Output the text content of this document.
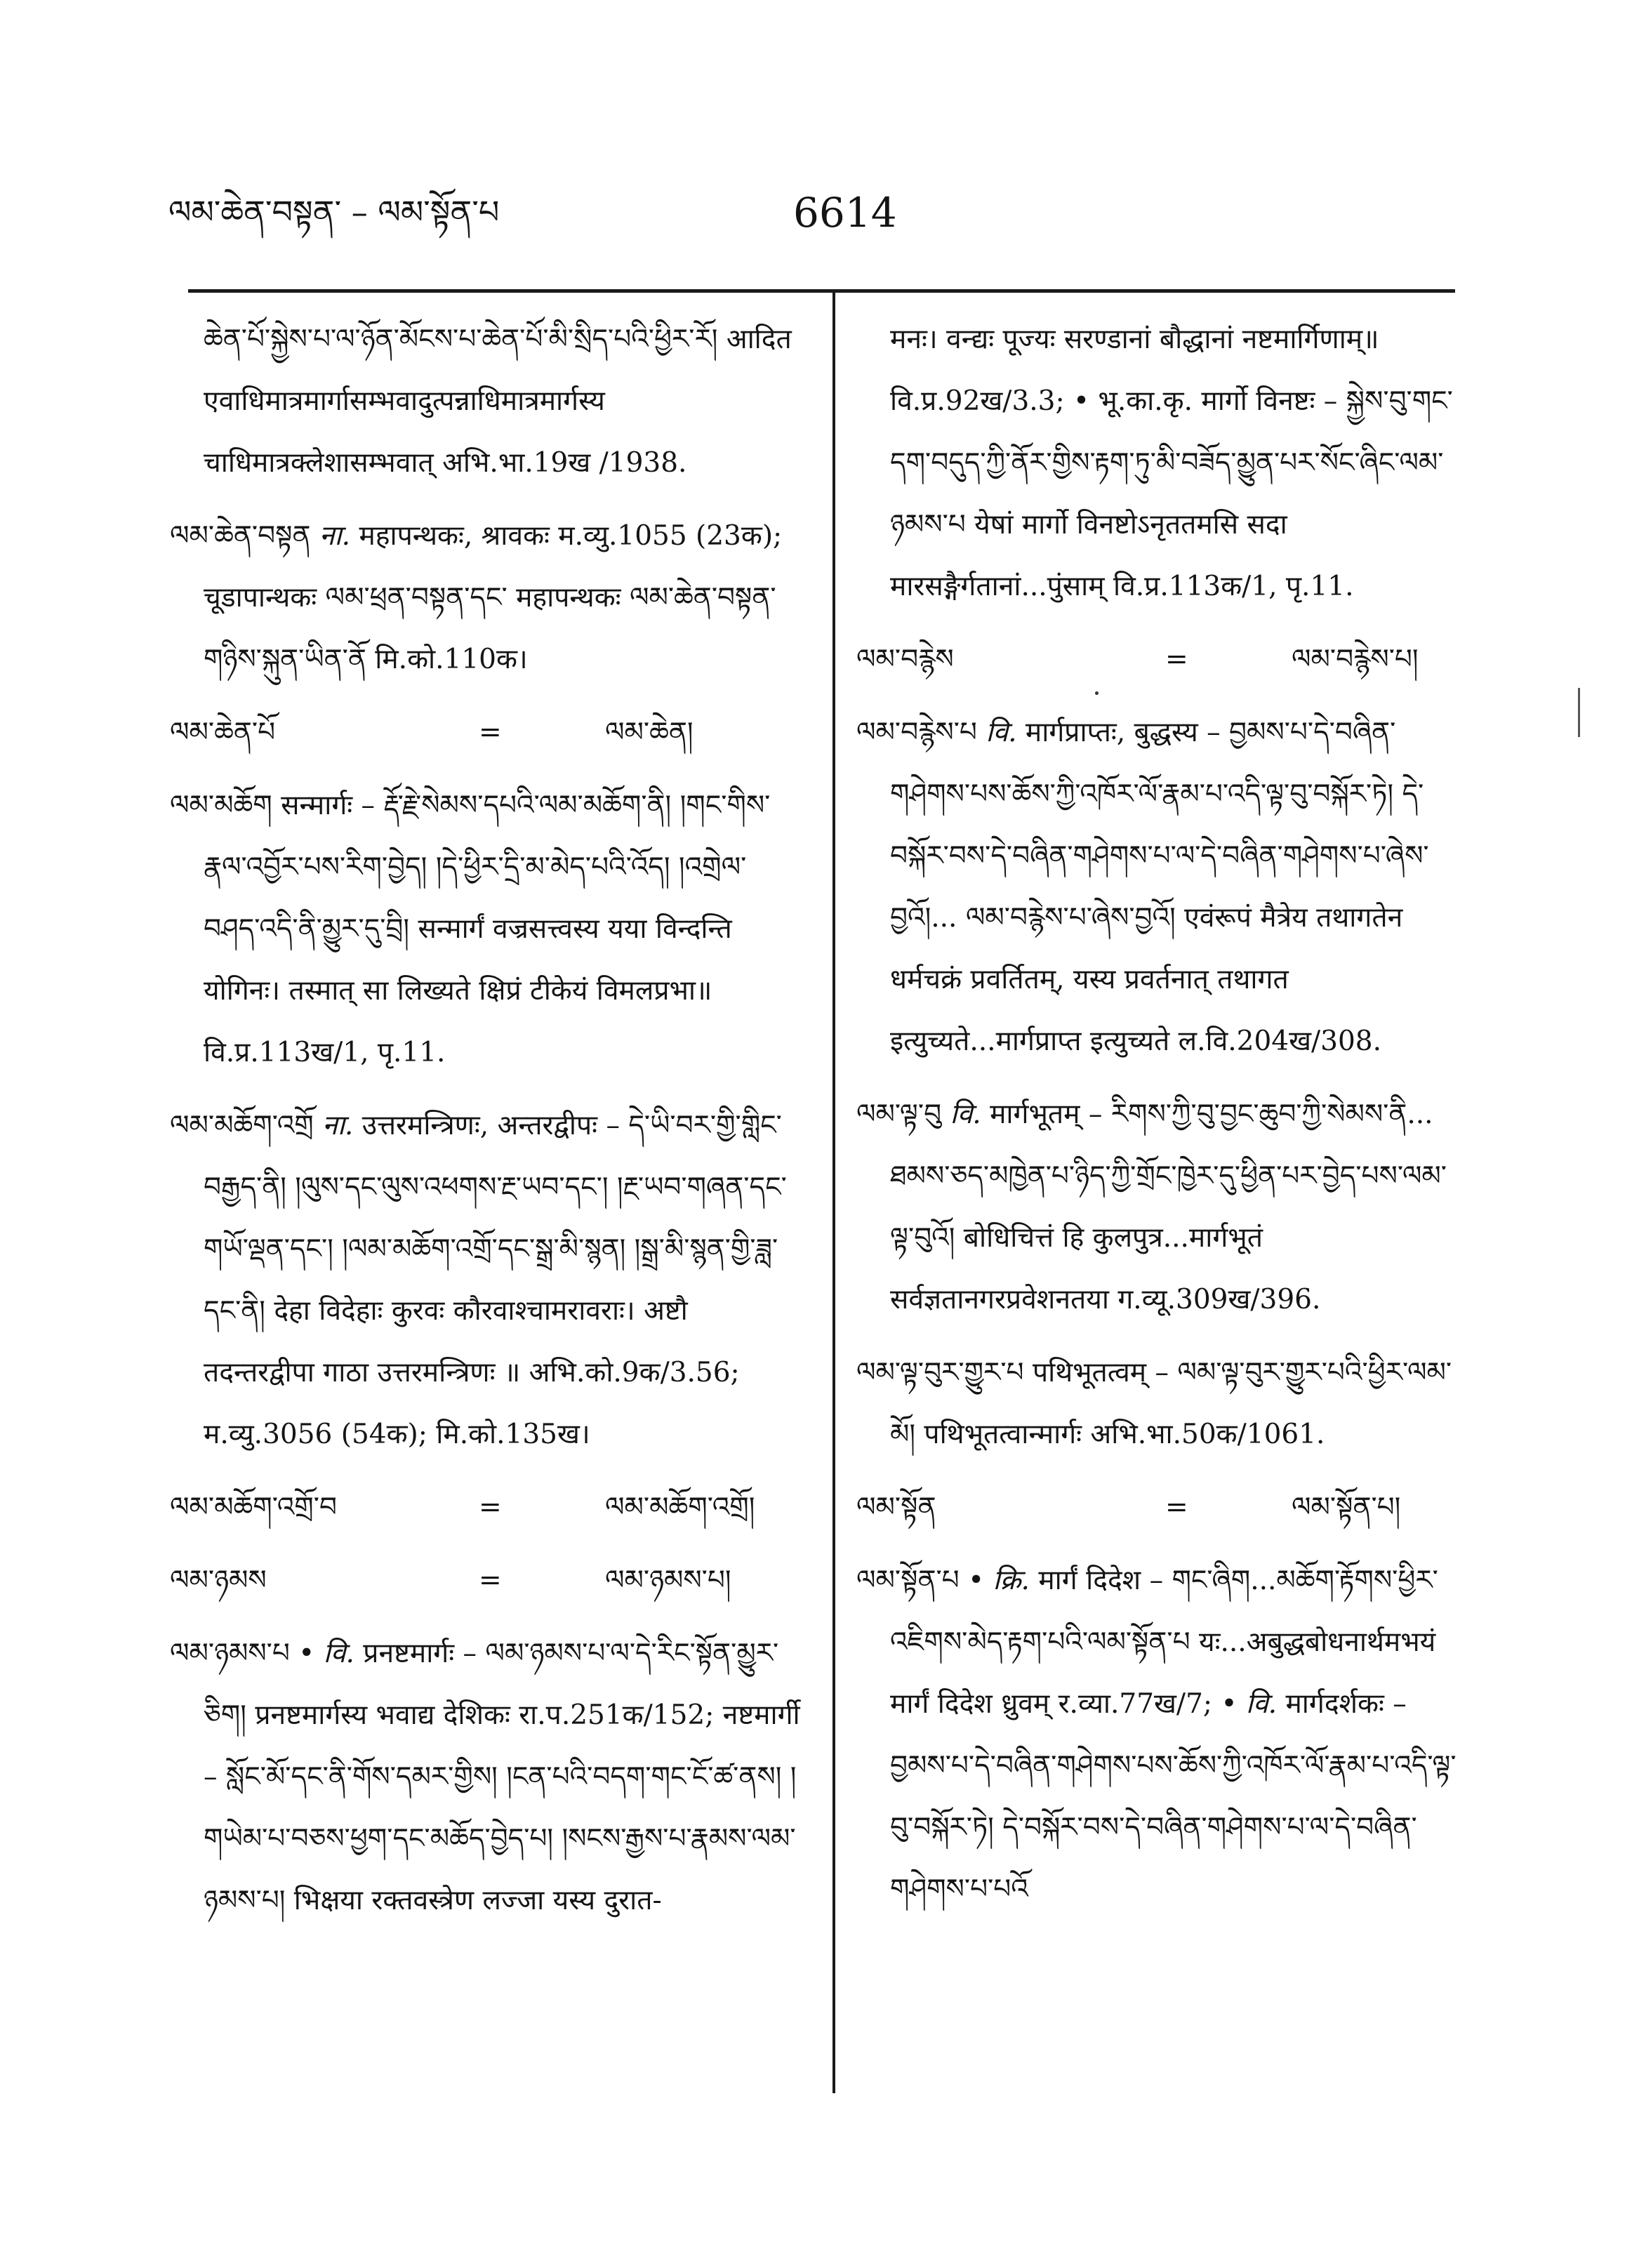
ལམ་ཆེན་བསྟན་ – ལམ་སྟོན་པ	6614

ཆེན་པོ་སྐྱེས་པ་ལ་ཉོན་མོངས་པ་ཆེན་པོ་མི་སྲིད་པའི་ཕྱིར་རོ། आदित एवाधिमात्रमार्गासम्भवादुत्पन्नाधिमात्रमार्गस्य चाधिमात्रक्लेशासम्भवात् अभि.भा.19ख /1938.

ལམ་ཆེན་བསྟན ना. महापन्थकः, श्रावकः म.व्यु.1055 (23क); चूडापान्थकः ལམ་ཕྲན་བསྟན་དང་ महापन्थकः ལམ་ཆེན་བསྟན་གཉིས་སྐུན་ཡིན་ནོ मि.को.110क।

ལམ་ཆེན་པོ	=	ལམ་ཆེན།

ལམ་མཆོག सन्मार्गः – རྡོ་རྗེ་སེམས་དཔའི་ལམ་མཆོག་ནི། །གང་གིས་རྣལ་འབྱོར་པས་རིག་བྱེད། །དེ་ཕྱིར་དྲི་མ་མེད་པའི་འོད། །འགྲེལ་བཤད་འདི་ནི་མྱུར་དུ་བྲི། सन्मार्गं वज्रसत्त्वस्य यया विन्दन्ति योगिनः। तस्मात् सा लिख्यते क्षिप्रं टीकेयं विमलप्रभा॥ वि.प्र.113ख/1, पृ.11.

ལམ་མཆོག་འགྲོ ना. उत्तरमन्त्रिणः, अन्तरद्वीपः – དེ་ཡི་བར་གྱི་གླིང་བརྒྱད་ནི། །ལུས་དང་ལུས་འཕགས་རྔ་ཡབ་དང་། །རྔ་ཡབ་གཞན་དང་གཡོ་ལྡན་དང་། །ལམ་མཆོག་འགྲོ་དང་སྒྲ་མི་སྙན། །སྒྲ་མི་སྙན་གྱི་ཟླ་དང་ནི། देहा विदेहाः कुरवः कौरवाश्चामरावराः। अष्टौ तदन्तरद्वीपा गाठा उत्तरमन्त्रिणः ॥ अभि.को.9क/3.56; म.व्यु.3056 (54क); मि.को.135ख।

ལམ་མཆོག་འགྲོ་བ	=	ལམ་མཆོག་འགྲོ།

ལམ་ཉམས	=	ལམ་ཉམས་པ།

ལམ་ཉམས་པ • वि. प्रनष्टमार्गः – ལམ་ཉམས་པ་ལ་དེ་རིང་སྟོན་མྱུར་ཅིག། प्रनष्टमार्गस्य भवाद्य देशिकः रा.प.251क/152; नष्टमार्गी – སློང་མོ་དང་ནི་གོས་དམར་གྱིས། །ངན་པའི་བདག་གང་ངོ་ཚ་ནས། །གཡེམ་པ་བཅས་ཕྱག་དང་མཆོད་བྱེད་པ། །སངས་རྒྱས་པ་རྣམས་ལམ་ཉམས་པ། भिक्षया रक्तवस्त्रेण लज्जा यस्य दुरात-

मनः। वन्द्यः पूज्यः सरण्डानां बौद्धानां नष्टमार्गिणाम्॥ वि.प्र.92ख/3.3; • भू.का.कृ. मार्गो विनष्टः – སྐྱེས་བུ་གང་དག་བདུད་ཀྱི་ནོར་གྱིས་རྟག་ཏུ་མི་བཟོད་མྱུན་པར་སོང་ཞིང་ལམ་ཉམས་པ येषां मार्गो विनष्टोऽनृततमसि सदा मारसङ्गैर्गतानां...पुंसाम् वि.प्र.113क/1, पृ.11.

ལམ་བརྙེས	=	ལམ་བརྙེས་པ།

ལམ་བརྙེས་པ वि. मार्गप्राप्तः, बुद्धस्य – བྱམས་པ་དེ་བཞིན་གཤེགས་པས་ཆོས་ཀྱི་འཁོར་ལོ་རྣམ་པ་འདི་ལྟ་བུ་བསྐོར་ཏེ། དེ་བསྐོར་བས་དེ་བཞིན་གཤེགས་པ་ལ་དེ་བཞིན་གཤེགས་པ་ཞེས་བྱའོ།... ལམ་བརྙེས་པ་ཞེས་བྱའོ། एवंरूपं मैत्रेय तथागतेन धर्मचक्रं प्रवर्तितम्, यस्य प्रवर्तनात् तथागत इत्युच्यते...मार्गप्राप्त इत्युच्यते ल.वि.204ख/308.

ལམ་ལྟ་བུ वि. मार्गभूतम् – རིགས་ཀྱི་བུ་བྱང་ཆུབ་ཀྱི་སེམས་ནི... ཐམས་ཅད་མཁྱེན་པ་ཉིད་ཀྱི་གྲོང་ཁྱེར་དུ་ཕྱིན་པར་བྱེད་པས་ལམ་ལྟ་བུའོ། बोधिचित्तं हि कुलपुत्र...मार्गभूतं सर्वज्ञतानगरप्रवेशनतया ग.व्यू.309ख/396.

ལམ་ལྟ་བུར་གྱུར་པ पथिभूतत्वम् – ལམ་ལྟ་བུར་གྱུར་པའི་ཕྱིར་ལམ་མོ། पथिभूतत्वान्मार्गः अभि.भा.50क/1061.

ལམ་སྟོན	=	ལམ་སྟོན་པ།

ལམ་སྟོན་པ • क्रि. मार्गं दिदेश – གང་ཞིག...མཆོག་རྟོགས་ཕྱིར་འཇིགས་མེད་རྟག་པའི་ལམ་སྟོན་པ यः...अबुद्धबोधनार्थमभयं मार्गं दिदेश ध्रुवम् र.व्या.77ख/7; • वि. मार्गदर्शकः – བྱམས་པ་དེ་བཞིན་གཤེགས་པས་ཆོས་ཀྱི་འཁོར་ལོ་རྣམ་པ་འདི་ལྟ་བུ་བསྐོར་ཏེ། དེ་བསྐོར་བས་དེ་བཞིན་གཤེགས་པ་ལ་དེ་བཞིན་གཤེགས་པ་པའོ
